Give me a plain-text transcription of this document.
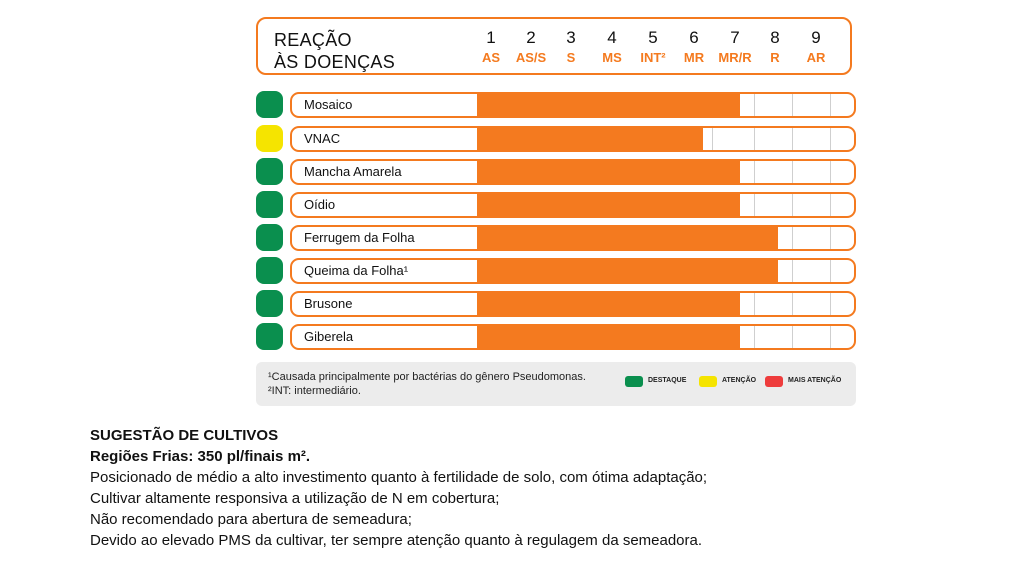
REAÇÃO
ÀS DOENÇAS
1
AS
2
AS/S
3
S
4
MS
5
INT²
6
MR
7
MR/R
8
R
9
AR
Mosaico
VNAC
Mancha Amarela
Oídio
Ferrugem da Folha
Queima da Folha¹
Brusone
Giberela
¹Causada principalmente por bactérias do gênero Pseudomonas.
²INT: intermediário.
DESTAQUE	ATENÇÃO	MAIS ATENÇÃO
SUGESTÃO DE CULTIVOS
Regiões Frias: 350 pl/finais m².
Posicionado de médio a alto investimento quanto à fertilidade de solo, com ótima adaptação;
Cultivar altamente responsiva a utilização de N em cobertura;
Não recomendado para abertura de semeadura;
Devido ao elevado PMS da cultivar, ter sempre atenção quanto à regulagem da semeadora.
